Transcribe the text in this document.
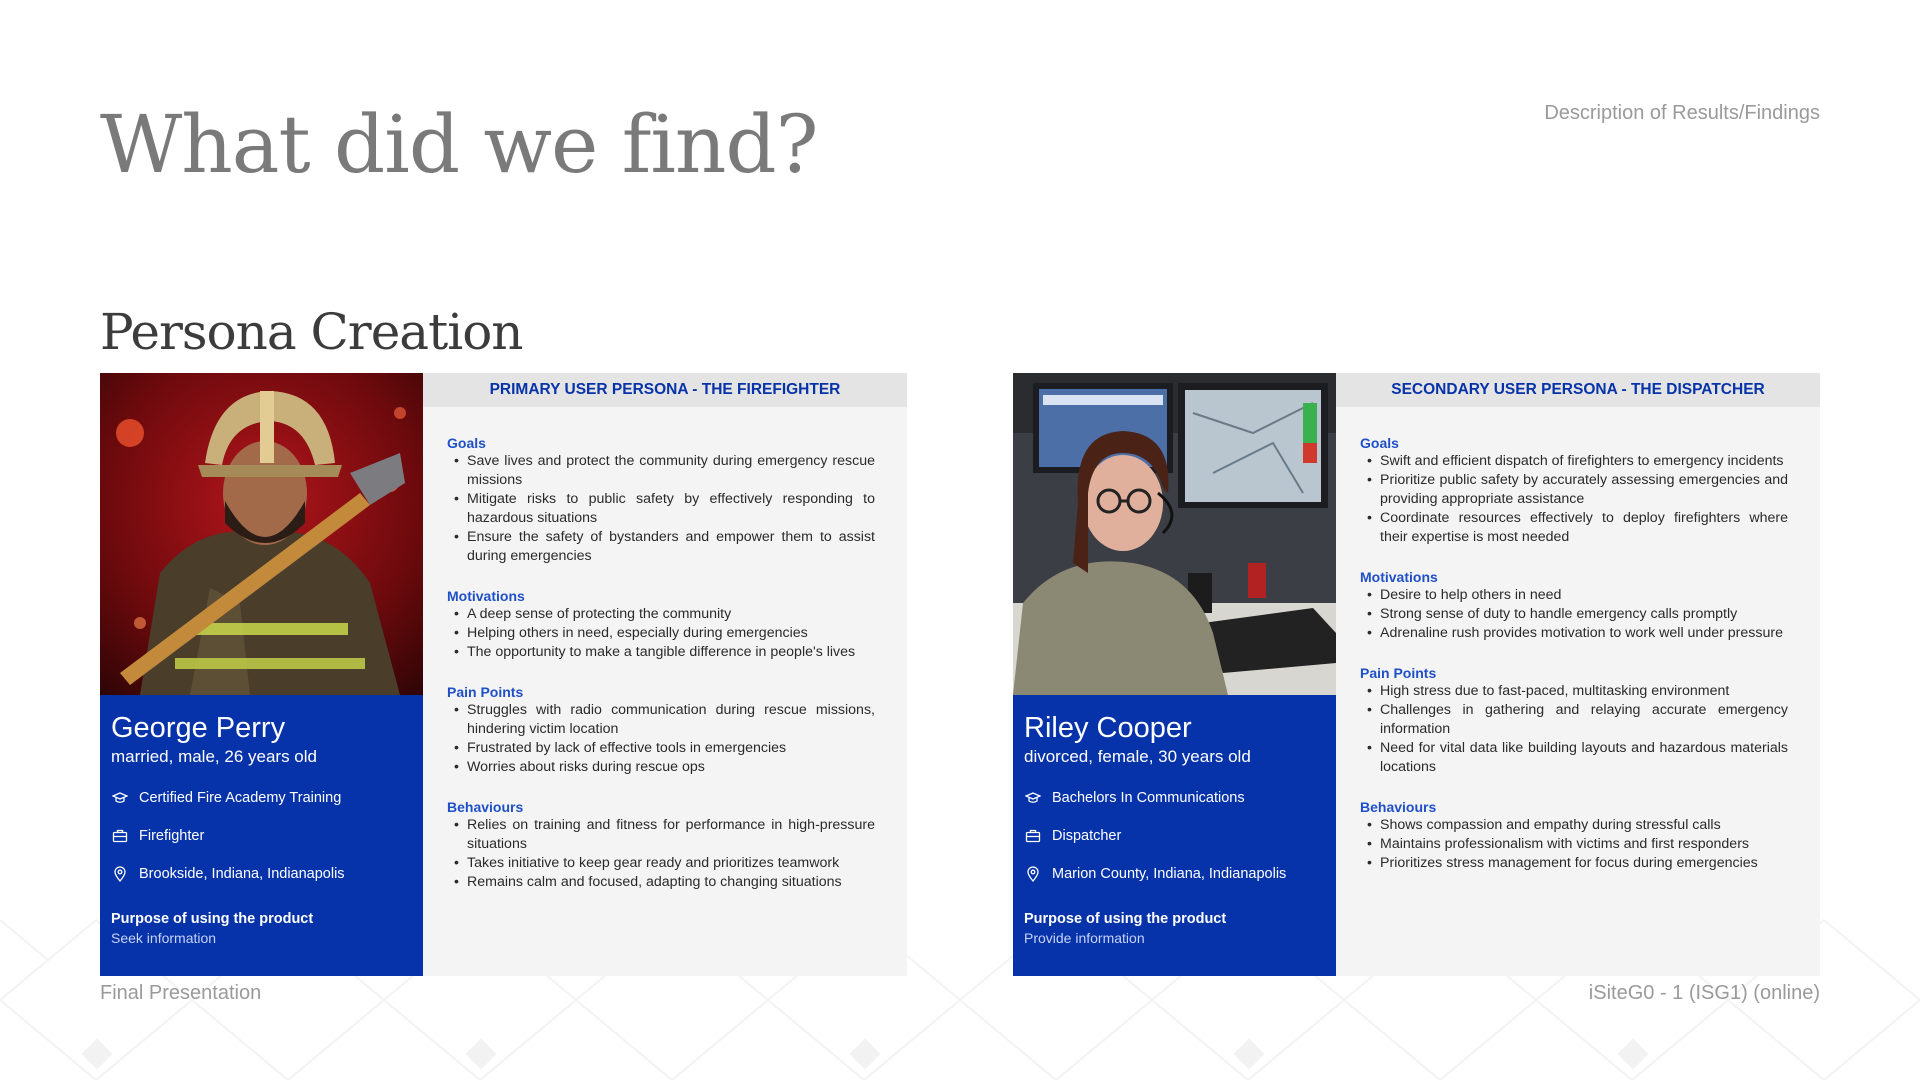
What did we find?	Description of Results/Findings
Persona Creation
George Perry
married, male, 26 years old
Certified Fire Academy Training
Firefighter
Brookside, Indiana, Indianapolis
Purpose of using the product
Seek information
PRIMARY USER PERSONA - THE FIREFIGHTER
Goals
• Save lives and protect the community during emergency rescue missions
• Mitigate risks to public safety by effectively responding to hazardous situations
• Ensure the safety of bystanders and empower them to assist during emergencies
Motivations
• A deep sense of protecting the community
• Helping others in need, especially during emergencies
• The opportunity to make a tangible difference in people's lives
Pain Points
• Struggles with radio communication during rescue missions, hindering victim location
• Frustrated by lack of effective tools in emergencies
• Worries about risks during rescue ops
Behaviours
• Relies on training and fitness for performance in high-pressure situations
• Takes initiative to keep gear ready and prioritizes teamwork
• Remains calm and focused, adapting to changing situations
Riley Cooper
divorced, female, 30 years old
Bachelors In Communications
Dispatcher
Marion County, Indiana, Indianapolis
Purpose of using the product
Provide information
SECONDARY USER PERSONA - THE DISPATCHER
Goals
• Swift and efficient dispatch of firefighters to emergency incidents
• Prioritize public safety by accurately assessing emergencies and providing appropriate assistance
• Coordinate resources effectively to deploy firefighters where their expertise is most needed
Motivations
• Desire to help others in need
• Strong sense of duty to handle emergency calls promptly
• Adrenaline rush provides motivation to work well under pressure
Pain Points
• High stress due to fast-paced, multitasking environment
• Challenges in gathering and relaying accurate emergency information
• Need for vital data like building layouts and hazardous materials locations
Behaviours
• Shows compassion and empathy during stressful calls
• Maintains professionalism with victims and first responders
• Prioritizes stress management for focus during emergencies
Final Presentation	iSiteG0 - 1 (ISG1) (online)
